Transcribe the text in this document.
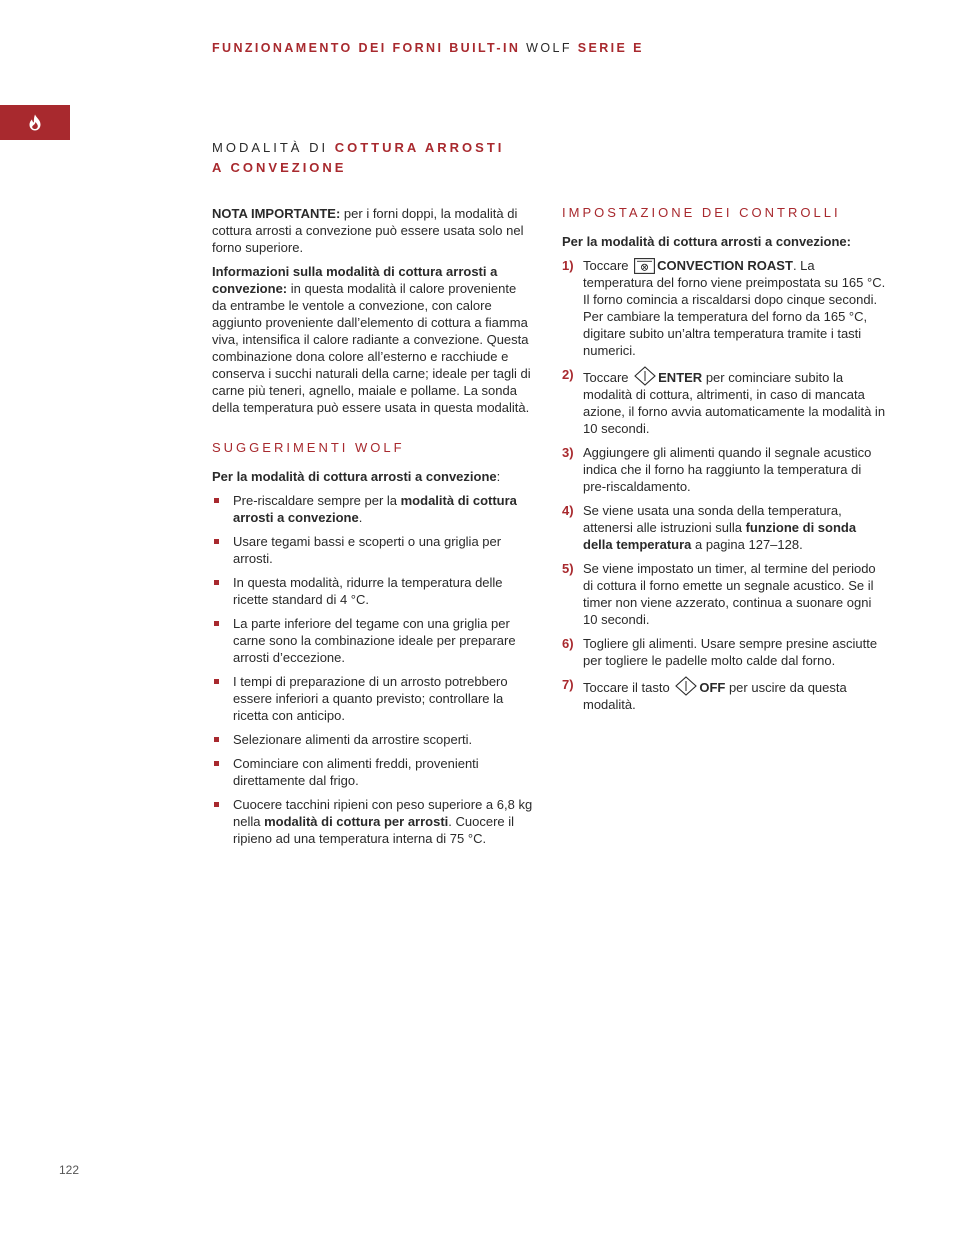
FUNZIONAMENTO DEI FORNI BUILT-IN WOLF SERIE E
MODALITÀ DI COTTURA ARROSTI
A CONVEZIONE

NOTA IMPORTANTE: per i forni doppi, la modalità di cottura arrosti a convezione può essere usata solo nel forno superiore.

Informazioni sulla modalità di cottura arrosti a convezione: in questa modalità il calore proveniente da entrambe le ventole a convezione, con calore aggiunto proveniente dall’elemento di cottura a fiamma viva, intensifica il calore radiante a convezione. Questa combinazione dona colore all’esterno e racchiude e conserva i succhi naturali della carne; ideale per tagli di carne più teneri, agnello, maiale e pollame. La sonda della temperatura può essere usata in questa modalità.

SUGGERIMENTI WOLF

Per la modalità di cottura arrosti a convezione:

Pre-riscaldare sempre per la modalità di cottura arrosti a convezione.
Usare tegami bassi e scoperti o una griglia per arrosti.
In questa modalità, ridurre la temperatura delle ricette standard di 4 °C.
La parte inferiore del tegame con una griglia per carne sono la combinazione ideale per preparare arrosti d’eccezione.
I tempi di preparazione di un arrosto potrebbero essere inferiori a quanto previsto; controllare la ricetta con anticipo.
Selezionare alimenti da arrostire scoperti.
Cominciare con alimenti freddi, provenienti direttamente dal frigo.
Cuocere tacchini ripieni con peso superiore a 6,8 kg nella modalità di cottura per arrosti. Cuocere il ripieno ad una temperatura interna di 75 °C.
IMPOSTAZIONE DEI CONTROLLI

Per la modalità di cottura arrosti a convezione:

1) Toccare CONVECTION ROAST. La temperatura del forno viene preimpostata su 165 °C. Il forno comincia a riscaldarsi dopo cinque secondi. Per cambiare la temperatura del forno da 165 °C, digitare subito un’altra temperatura tramite i tasti numerici.
2) Toccare ENTER per cominciare subito la modalità di cottura, altrimenti, in caso di mancata azione, il forno avvia automaticamente la modalità in 10 secondi.
3) Aggiungere gli alimenti quando il segnale acustico indica che il forno ha raggiunto la temperatura di pre-riscaldamento.
4) Se viene usata una sonda della temperatura, attenersi alle istruzioni sulla funzione di sonda della temperatura a pagina 127–128.
5) Se viene impostato un timer, al termine del periodo di cottura il forno emette un segnale acustico. Se il timer non viene azzerato, continua a suonare ogni 10 secondi.
6) Togliere gli alimenti. Usare sempre presine asciutte per togliere le padelle molto calde dal forno.
7) Toccare il tasto OFF per uscire da questa modalità.
122
